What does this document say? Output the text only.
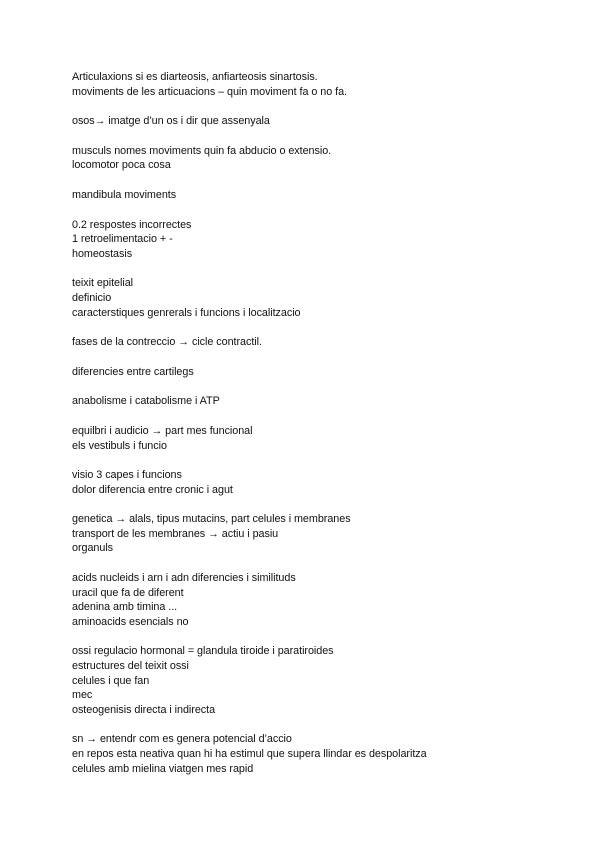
Articulaxions si es diarteosis, anfiarteosis sinartosis.
moviments de les articuacions – quin moviment fa o no fa.
osos→ imatge d’un os i dir que assenyala
musculs nomes moviments quin fa abducio o extensio.
locomotor poca cosa
mandibula moviments
0.2 respostes incorrectes
1 retroelimentacio + -
homeostasis
teixit epitelial
definicio
caracterstiques genrerals i funcions i localitzacio
fases de la contreccio → cicle contractil.
diferencies entre cartilegs
anabolisme i catabolisme i ATP
equilbri i audicio → part mes funcional
els vestibuls i funcio
visio 3 capes i funcions
dolor diferencia entre cronic i agut
genetica → alals, tipus mutacins, part celules i membranes
transport de les membranes → actiu i pasiu
organuls
acids nucleids i arn i adn diferencies i similituds
uracil que fa de diferent
adenina amb timina ...
aminoacids esencials no
ossi regulacio hormonal = glandula tiroide i paratiroides
estructures del teixit ossi
celules i que fan
mec
osteogenisis directa i indirecta
sn → entendr com es genera potencial d’accio
en repos esta neativa quan hi ha estimul que supera llindar es despolaritza
celules amb mielina viatgen mes rapid
